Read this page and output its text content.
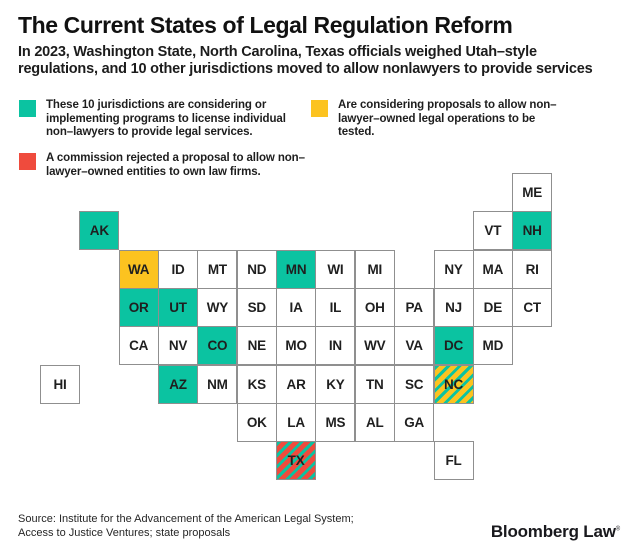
The Current States of Legal Regulation Reform
In 2023, Washington State, North Carolina, Texas officials weighed Utah–style
regulations, and 10 other jurisdictions moved to allow nonlawyers to provide services
These 10 jurisdictions are considering or implementing programs to license individual non–lawyers to provide legal services.
Are considering proposals to allow non–lawyer–owned legal operations to be tested.
A commission rejected a proposal to allow non–lawyer–owned entities to own law firms.
ME
AK	VT NH
WA ID MT ND MN WI MI	NY MA RI
OR UT WY SD IA IL OH PA NJ DE CT
CA NV CO NE MO IN WV VA DC MD
HI	AZ NM KS AR KY TN SC NC
OK LA MS AL GA
TX	FL
Source: Institute for the Advancement of the American Legal System;
Access to Justice Ventures; state proposals	Bloomberg Law®
